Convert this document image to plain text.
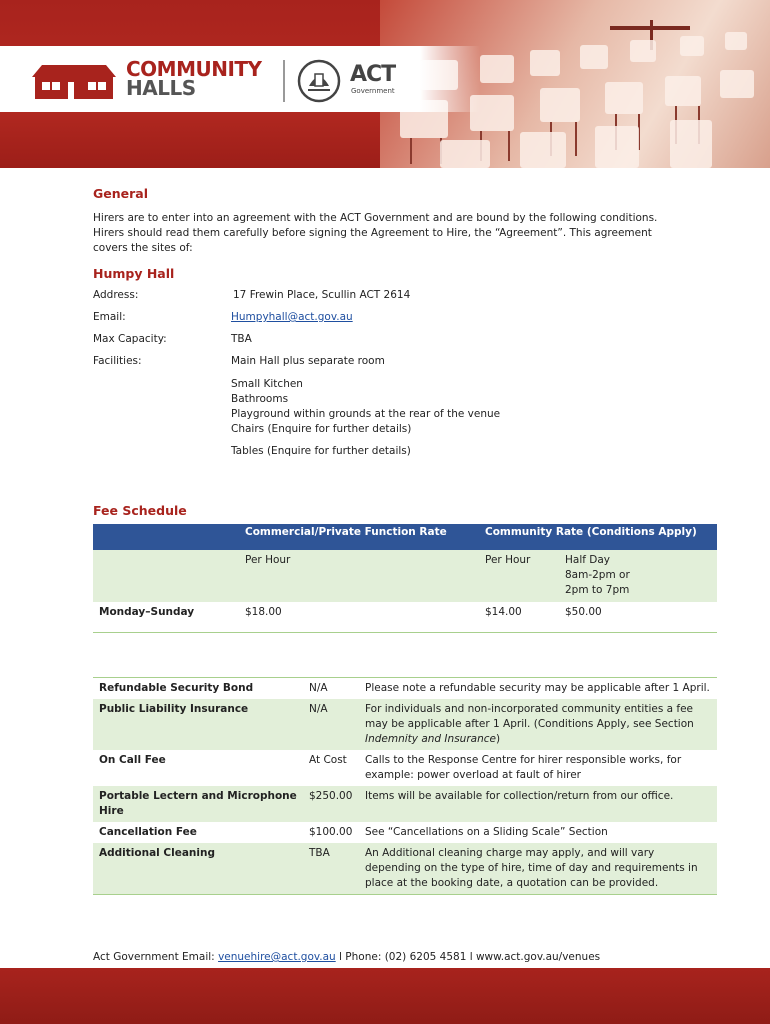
COMMUNITY
HALLS
ACT
Government
General
Hirers are to enter into an agreement with the ACT Government and are bound by the following conditions.
Hirers should read them carefully before signing the Agreement to Hire, the “Agreement”. This agreement
covers the sites of:
Humpy Hall
Address:	17 Frewin Place, Scullin ACT 2614
Email:	Humpyhall@act.gov.au
Max Capacity:	TBA
Facilities:	Main Hall plus separate room
Small Kitchen
Bathrooms
Playground within grounds at the rear of the venue
Chairs (Enquire for further details)
Tables (Enquire for further details)
Fee Schedule
	Commercial/Private Function Rate	Community Rate (Conditions Apply)	
	Per Hour	Per Hour	Half Day
8am-2pm or
2pm to 7pm

Monday–Sunday	$18.00	$14.00	$50.00
Refundable Security Bond	N/A	Please note a refundable security may be applicable after 1 April.
Public Liability Insurance	N/A	For individuals and non-incorporated community entities a fee may be applicable after 1 April. (Conditions Apply, see Section Indemnity and Insurance)
On Call Fee	At Cost	Calls to the Response Centre for hirer responsible works, for example: power overload at fault of hirer
Portable Lectern and Microphone Hire	$250.00	Items will be available for collection/return from our office.
Cancellation Fee	$100.00	See “Cancellations on a Sliding Scale” Section
Additional Cleaning	TBA	An Additional cleaning charge may apply, and will vary depending on the type of hire, time of day and requirements in place at the booking date, a quotation can be provided.
Act Government Email: venuehire@act.gov.au l Phone: (02) 6205 4581 l www.act.gov.au/venues
